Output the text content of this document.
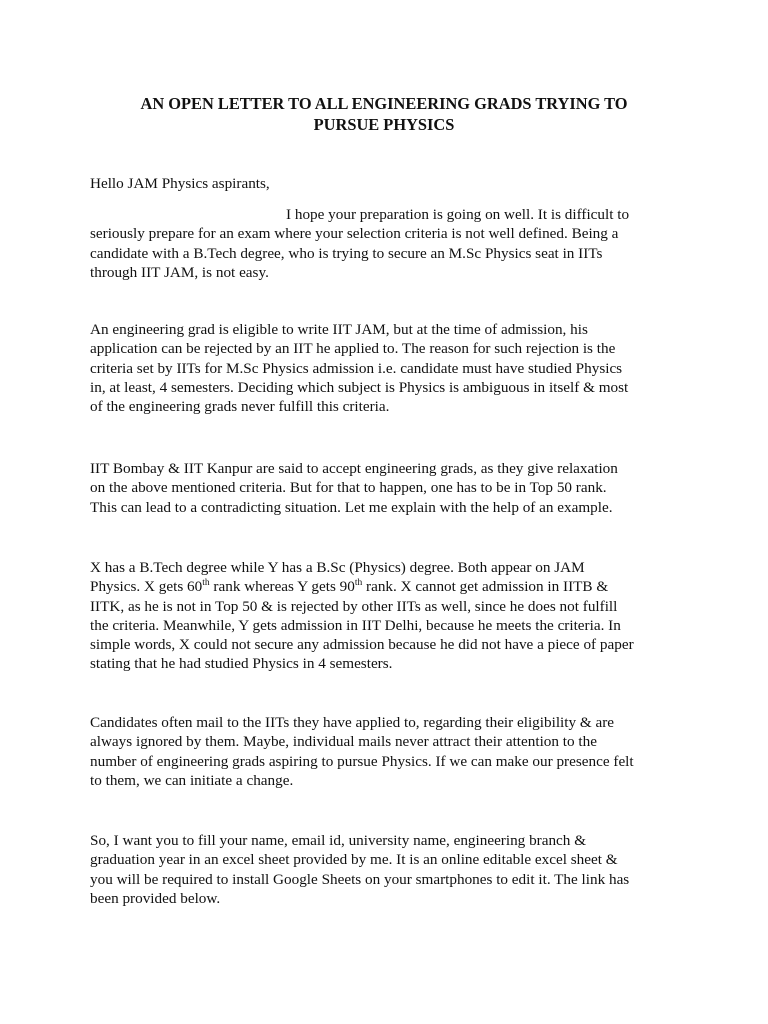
AN OPEN LETTER TO ALL ENGINEERING GRADS TRYING TO
PURSUE PHYSICS

Hello JAM Physics aspirants,

I hope your preparation is going on well. It is difficult to
seriously prepare for an exam where your selection criteria is not well defined. Being a
candidate with a B.Tech degree, who is trying to secure an M.Sc Physics seat in IITs
through IIT JAM, is not easy.

An engineering grad is eligible to write IIT JAM, but at the time of admission, his
application can be rejected by an IIT he applied to. The reason for such rejection is the
criteria set by IITs for M.Sc Physics admission i.e. candidate must have studied Physics
in, at least, 4 semesters. Deciding which subject is Physics is ambiguous in itself & most
of the engineering grads never fulfill this criteria.

IIT Bombay & IIT Kanpur are said to accept engineering grads, as they give relaxation
on the above mentioned criteria. But for that to happen, one has to be in Top 50 rank.
This can lead to a contradicting situation. Let me explain with the help of an example.

X has a B.Tech degree while Y has a B.Sc (Physics) degree. Both appear on JAM
Physics. X gets 60th rank whereas Y gets 90th rank. X cannot get admission in IITB &
IITK, as he is not in Top 50 & is rejected by other IITs as well, since he does not fulfill
the criteria. Meanwhile, Y gets admission in IIT Delhi, because he meets the criteria. In
simple words, X could not secure any admission because he did not have a piece of paper
stating that he had studied Physics in 4 semesters.

Candidates often mail to the IITs they have applied to, regarding their eligibility & are
always ignored by them. Maybe, individual mails never attract their attention to the
number of engineering grads aspiring to pursue Physics. If we can make our presence felt
to them, we can initiate a change.

So, I want you to fill your name, email id, university name, engineering branch &
graduation year in an excel sheet provided by me. It is an online editable excel sheet &
you will be required to install Google Sheets on your smartphones to edit it. The link has
been provided below.
